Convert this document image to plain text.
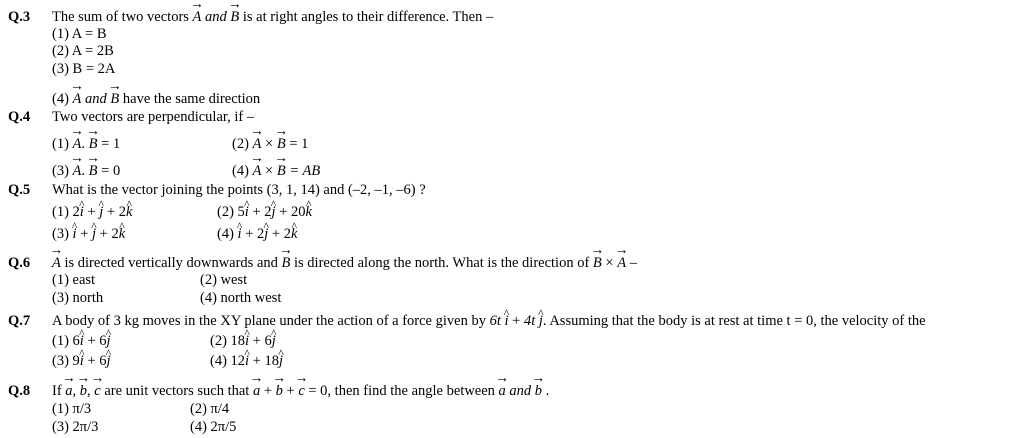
Q.3 The sum of two vectors → A and → B is at right angles to their difference. Then –
(1) A = B
(2) A = 2B
(3) B = 2A
(4) → A and → B have the same direction
Q.4 Two vectors are perpendicular, if –
(1) → A. → B = 1	(2) → A × → B = 1
(3) → A. → B = 0	(4) → A × → B = AB
Q.5 What is the vector joining the points (3, 1, 14) and (–2, –1, –6) ?
(1) 2^ i + ^ j + 2^ k	(2) 5^ i + 2^ j + 20^ k
(3) ^ i + ^ j + 2^ k	(4) ^ i + 2^ j + 2^ k
Q.6 → A is directed vertically downwards and → B is directed along the north. What is the direction of → B × → A –
(1) east	(2) west
(3) north	(4) north west
Q.7 A body of 3 kg moves in the XY plane under the action of a force given by 6t ^ i + 4t ^ j. Assuming that the body is at rest at time t = 0, the velocity of the
(1) 6^ i + 6^ j	(2) 18^ i + 6^ j
(3) 9^ i + 6^ j	(4) 12^ i + 18^ j
Q.8 If → a, → b, → c are unit vectors such that → a + → b + → c = 0, then find the angle between → a and → b .
(1) π/3	(2) π/4
(3) 2π/3	(4) 2π/5
